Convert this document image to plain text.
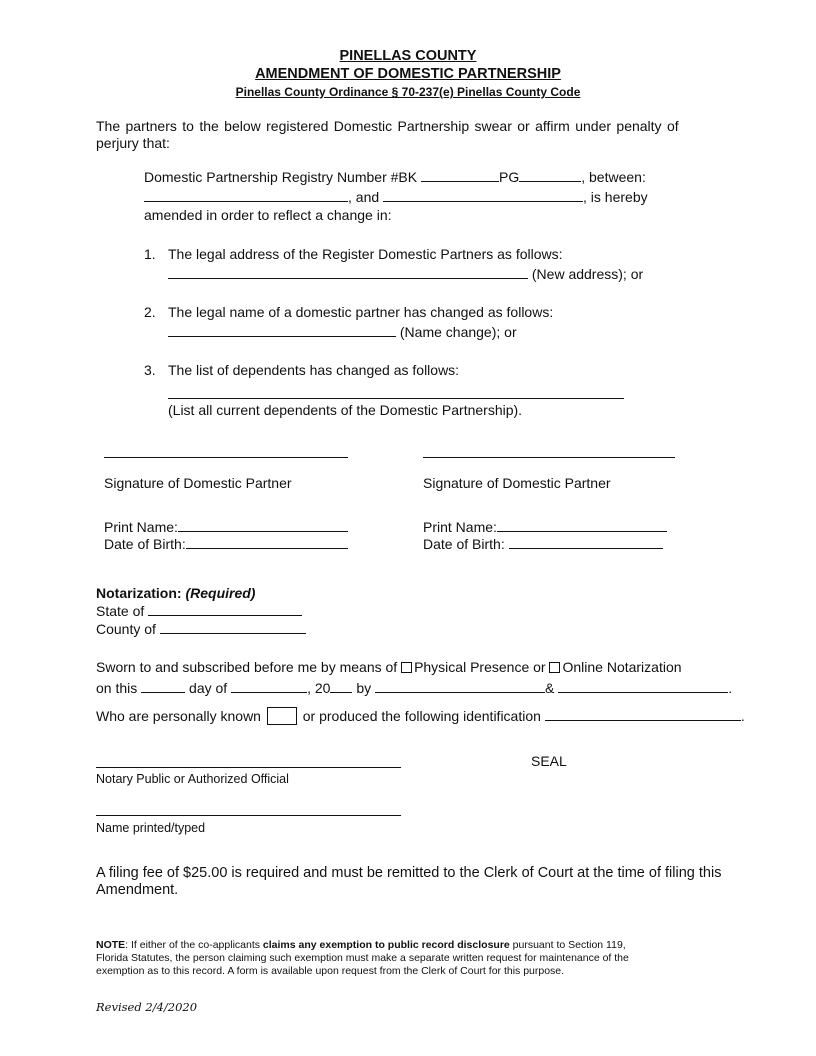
PINELLAS COUNTY
AMENDMENT OF DOMESTIC PARTNERSHIP
Pinellas County Ordinance § 70-237(e) Pinellas County Code
The partners to the below registered Domestic Partnership swear or affirm under penalty of
perjury that:
Domestic Partnership Registry Number #BK	PG	, between:
, and	, is hereby
amended in order to reflect a change in:
1. The legal address of the Register Domestic Partners as follows:
(New address); or
2. The legal name of a domestic partner has changed as follows:
(Name change); or
3. The list of dependents has changed as follows:
(List all current dependents of the Domestic Partnership).
Signature of Domestic Partner	Signature of Domestic Partner
Print Name:
Date of Birth:
Print Name:
Date of Birth:
Notarization: (Required)
State of
County of
Sworn to and subscribed before me by means of Physical Presence or Online Notarization
on this	day of	, 20 by	&	.
Who are personally known	or produced the following identification	.
SEAL
Notary Public or Authorized Official
Name printed/typed
A filing fee of $25.00 is required and must be remitted to the Clerk of Court at the time of filing this
Amendment.
NOTE: If either of the co-applicants claims any exemption to public record disclosure pursuant to Section 119,
Florida Statutes, the person claiming such exemption must make a separate written request for maintenance of the
exemption as to this record. A form is available upon request from the Clerk of Court for this purpose.
Revised 2/4/2020
